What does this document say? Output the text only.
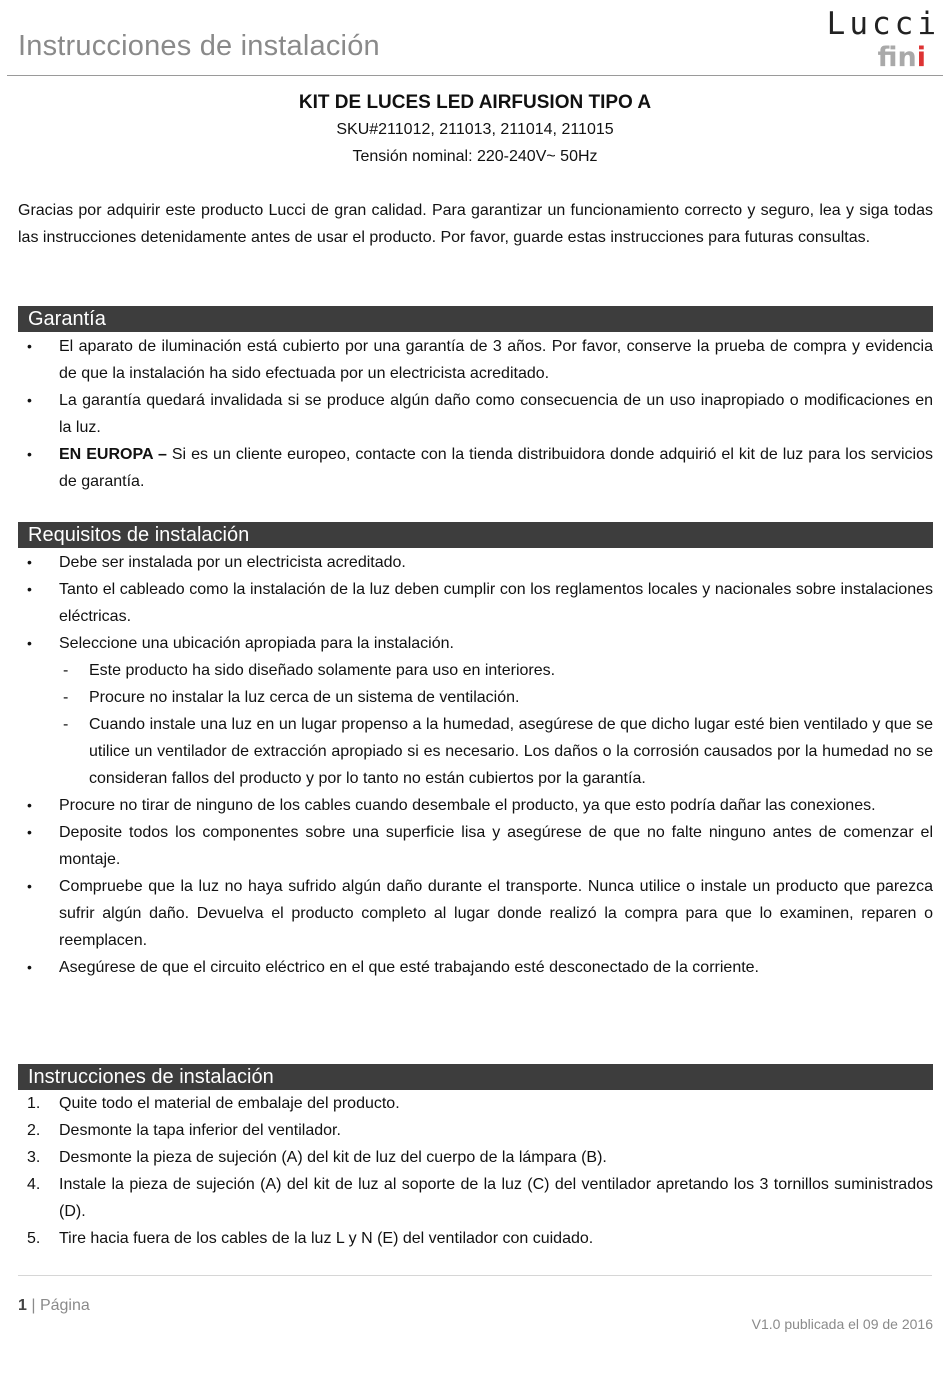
Instrucciones de instalación
Lucci
fini

KIT DE LUCES LED AIRFUSION TIPO A

SKU#211012, 211013, 211014, 211015

Tensión nominal: 220-240V~ 50Hz

Gracias por adquirir este producto Lucci de gran calidad. Para garantizar un funcionamiento correcto y seguro, lea y siga todas las instrucciones detenidamente antes de usar el producto. Por favor, guarde estas instrucciones para futuras consultas.

Garantía
• El aparato de iluminación está cubierto por una garantía de 3 años. Por favor, conserve la prueba de compra y evidencia de que la instalación ha sido efectuada por un electricista acreditado.
• La garantía quedará invalidada si se produce algún daño como consecuencia de un uso inapropiado o modificaciones en la luz.
• EN EUROPA – Si es un cliente europeo, contacte con la tienda distribuidora donde adquirió el kit de luz para los servicios de garantía.
Requisitos de instalación
• Debe ser instalada por un electricista acreditado.
• Tanto el cableado como la instalación de la luz deben cumplir con los reglamentos locales y nacionales sobre instalaciones eléctricas.
• Seleccione una ubicación apropiada para la instalación.
- Este producto ha sido diseñado solamente para uso en interiores.
- Procure no instalar la luz cerca de un sistema de ventilación.
- Cuando instale una luz en un lugar propenso a la humedad, asegúrese de que dicho lugar esté bien ventilado y que se utilice un ventilador de extracción apropiado si es necesario. Los daños o la corrosión causados por la humedad no se consideran fallos del producto y por lo tanto no están cubiertos por la garantía.
• Procure no tirar de ninguno de los cables cuando desembale el producto, ya que esto podría dañar las conexiones.
• Deposite todos los componentes sobre una superficie lisa y asegúrese de que no falte ninguno antes de comenzar el montaje.
• Compruebe que la luz no haya sufrido algún daño durante el transporte. Nunca utilice o instale un producto que parezca sufrir algún daño. Devuelva el producto completo al lugar donde realizó la compra para que lo examinen, reparen o reemplacen.
• Asegúrese de que el circuito eléctrico en el que esté trabajando esté desconectado de la corriente.
Instrucciones de instalación
1. Quite todo el material de embalaje del producto.
2. Desmonte la tapa inferior del ventilador.
3. Desmonte la pieza de sujeción (A) del kit de luz del cuerpo de la lámpara (B).
4. Instale la pieza de sujeción (A) del kit de luz al soporte de la luz (C) del ventilador apretando los 3 tornillos suministrados (D).
5. Tire hacia fuera de los cables de la luz L y N (E) del ventilador con cuidado.
1 | Página
V1.0 publicada el 09 de 2016
